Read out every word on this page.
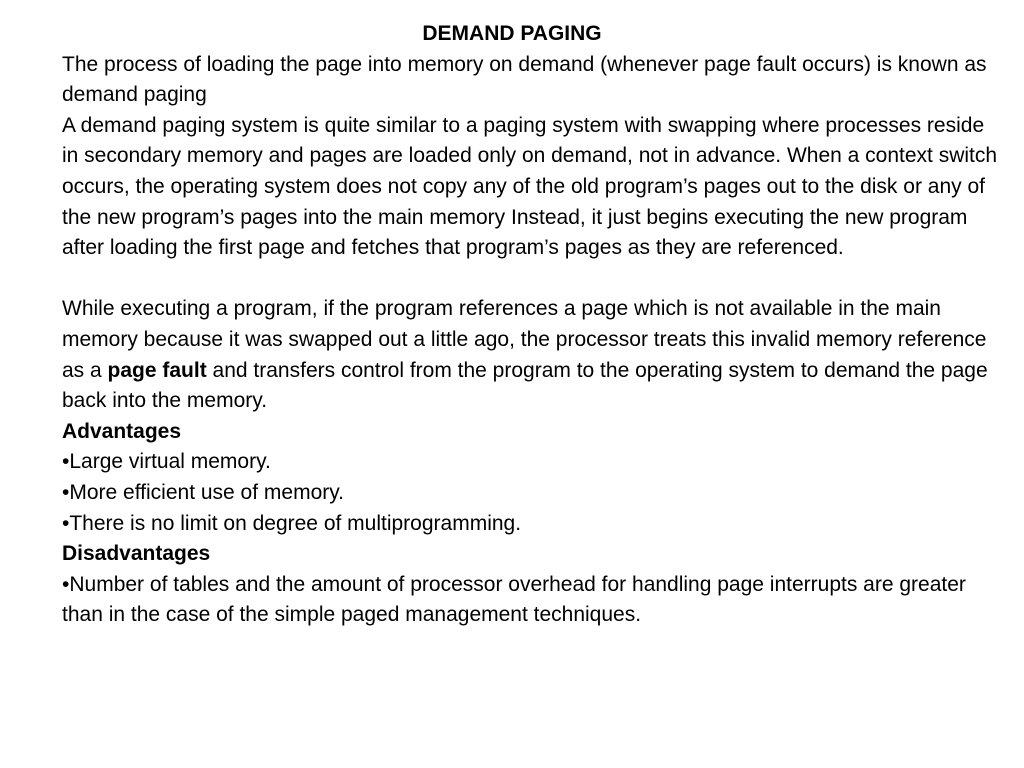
DEMAND PAGING

The process of loading the page into memory on demand (whenever page fault occurs) is known as demand paging

A demand paging system is quite similar to a paging system with swapping where processes reside in secondary memory and pages are loaded only on demand, not in advance. When a context switch occurs, the operating system does not copy any of the old program’s pages out to the disk or any of the new program’s pages into the main memory Instead, it just begins executing the new program after loading the first page and fetches that program’s pages as they are referenced.

While executing a program, if the program references a page which is not available in the main memory because it was swapped out a little ago, the processor treats this invalid memory reference as a page fault and transfers control from the program to the operating system to demand the page back into the memory.

Advantages

•Large virtual memory.

•More efficient use of memory.

•There is no limit on degree of multiprogramming.

Disadvantages

•Number of tables and the amount of processor overhead for handling page interrupts are greater than in the case of the simple paged management techniques.
